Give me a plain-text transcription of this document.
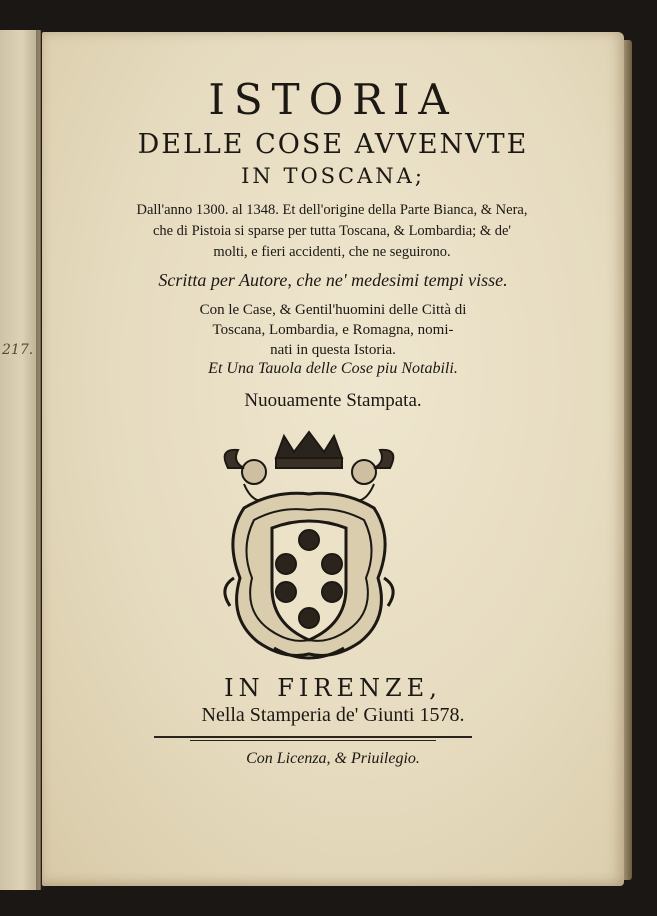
217.
ISTORIA
DELLE COSE AVVENVTE
IN TOSCANA;
Dall'anno 1300. al 1348. Et dell'origine della Parte Bianca, & Nera,
che di Pistoia si sparse per tutta Toscana, & Lombardia; & de'
molti, e fieri accidenti, che ne seguirono.
Scritta per Autore, che ne' medesimi tempi visse.
Con le Case, & Gentil'huomini delle Città di
Toscana, Lombardia, e Romagna, nomi-
nati in questa Istoria.
Et Una Tauola delle Cose piu Notabili.
Nuouamente Stampata.
IN FIRENZE,
Nella Stamperia de' Giunti 1578.
Con Licenza, & Priuilegio.
